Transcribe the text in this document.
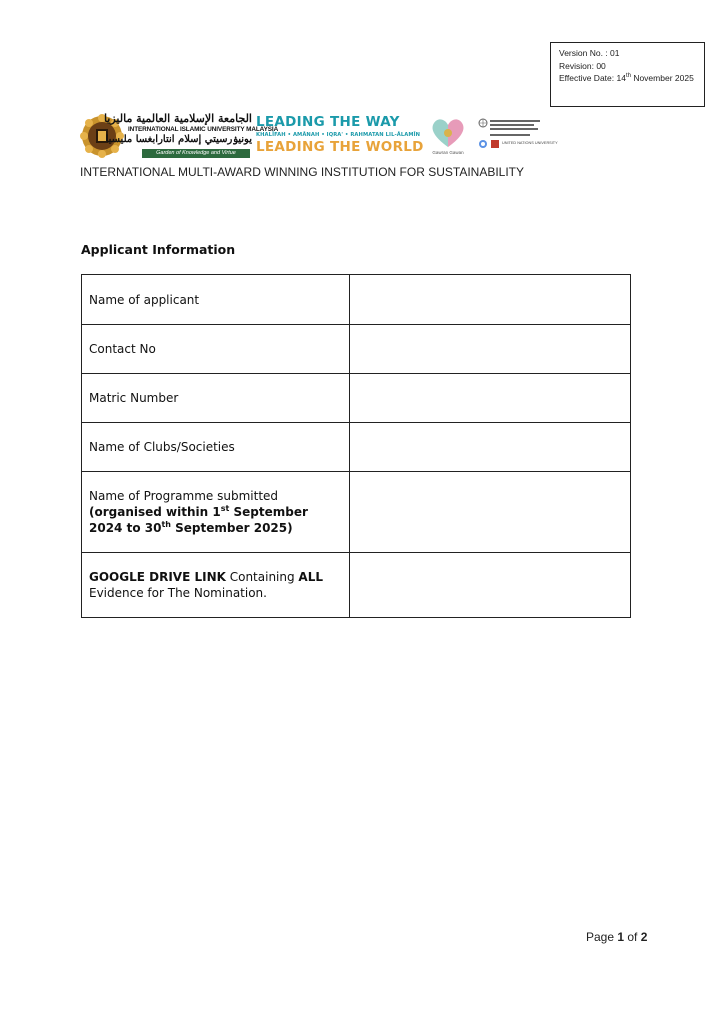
Version No. : 01
Revision: 00
Effective Date: 14th November 2025
الجامعة الإسلامية العالمية ماليزيا
INTERNATIONAL ISLAMIC UNIVERSITY MALAYSIA
يونيۏرسيتي إسلام انتارابغسا مليسيا
Garden of Knowledge and Virtue
LEADING THE WAY
KHALĪFAH • AMĀNAH • IQRA' • RAHMATAN LIL-ĀLAMĪN
LEADING THE WORLD	Gawran Gawan
UNITED NATIONS UNIVERSITY
INTERNATIONAL MULTI-AWARD WINNING INSTITUTION FOR SUSTAINABILITY
Applicant Information
Name of applicant	
Contact No	
Matric Number	
Name of Clubs/Societies	
Name of Programme submitted
(organised within 1st September 2024 to 30th September 2025)	
GOOGLE DRIVE LINK Containing ALL
Evidence for The Nomination.	
Page 1 of 2
